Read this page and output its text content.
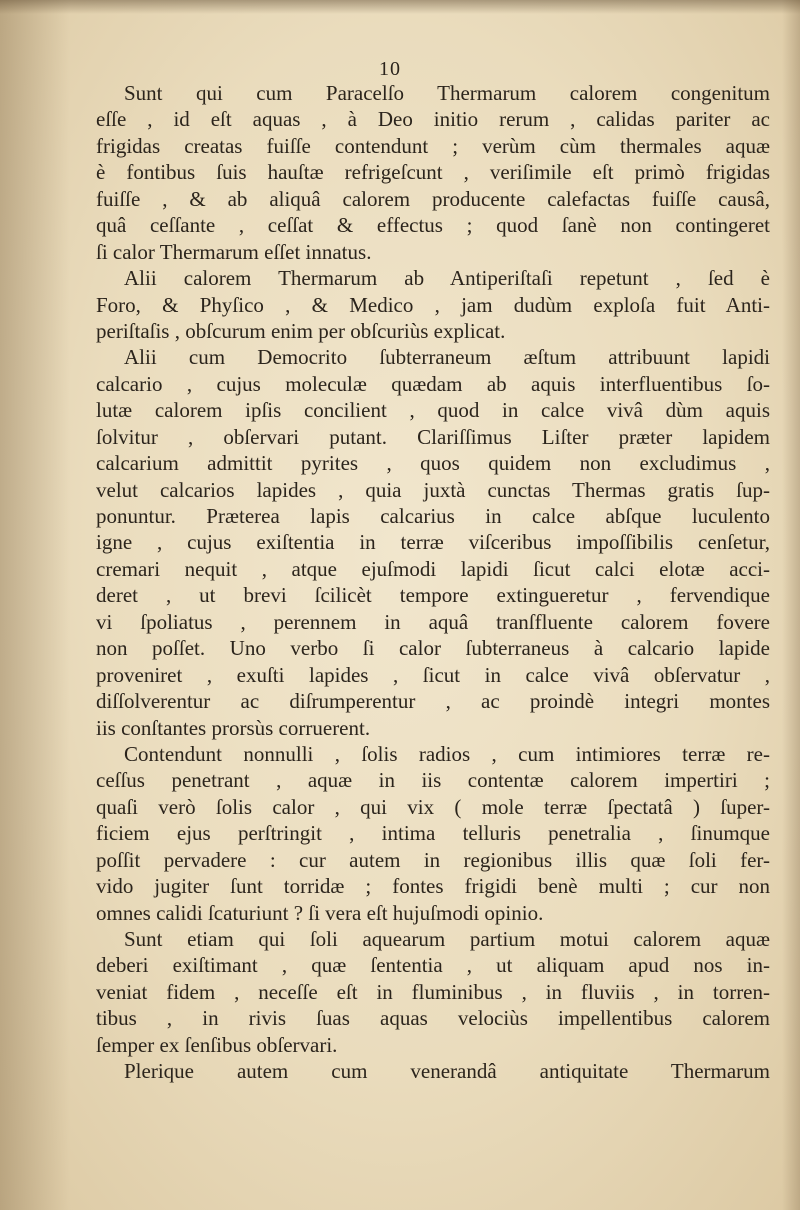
10
Sunt qui cum Paracelſo Thermarum calorem congenitum
eſſe , id eſt aquas , à Deo initio rerum , calidas pariter ac
frigidas creatas fuiſſe contendunt ; verùm cùm thermales aquæ
è fontibus ſuis hauſtæ refrigeſcunt , veriſimile eſt primò frigidas
fuiſſe , & ab aliquâ calorem producente calefactas fuiſſe causâ,
quâ ceſſante , ceſſat & effectus ; quod ſanè non contingeret
ſi calor Thermarum eſſet innatus.
Alii calorem Thermarum ab Antiperiſtaſi repetunt , ſed è
Foro, & Phyſico , & Medico , jam dudùm exploſa fuit Anti-
periſtaſis , obſcurum enim per obſcuriùs explicat.
Alii cum Democrito ſubterraneum æſtum attribuunt lapidi
calcario , cujus moleculæ quædam ab aquis interfluentibus ſo-
lutæ calorem ipſis concilient , quod in calce vivâ dùm aquis
ſolvitur , obſervari putant. Clariſſimus Liſter præter lapidem
calcarium admittit pyrites , quos quidem non excludimus ,
velut calcarios lapides , quia juxtà cunctas Thermas gratis ſup-
ponuntur. Præterea lapis calcarius in calce abſque luculento
igne , cujus exiſtentia in terræ viſceribus impoſſibilis cenſetur,
cremari nequit , atque ejuſmodi lapidi ſicut calci elotæ acci-
deret , ut brevi ſcilicèt tempore extingueretur , fervendique
vi ſpoliatus , perennem in aquâ tranſfluente calorem fovere
non poſſet. Uno verbo ſi calor ſubterraneus à calcario lapide
proveniret , exuſti lapides , ſicut in calce vivâ obſervatur ,
diſſolverentur ac diſrumperentur , ac proindè integri montes
iis conſtantes prorsùs corruerent.
Contendunt nonnulli , ſolis radios , cum intimiores terræ re-
ceſſus penetrant , aquæ in iis contentæ calorem impertiri ;
quaſi verò ſolis calor , qui vix ( mole terræ ſpectatâ ) ſuper-
ficiem ejus perſtringit , intima telluris penetralia , ſinumque
poſſit pervadere : cur autem in regionibus illis quæ ſoli fer-
vido jugiter ſunt torridæ ; fontes frigidi benè multi ; cur non
omnes calidi ſcaturiunt ? ſi vera eſt hujuſmodi opinio.
Sunt etiam qui ſoli aquearum partium motui calorem aquæ
deberi exiſtimant , quæ ſententia , ut aliquam apud nos in-
veniat fidem , neceſſe eſt in fluminibus , in fluviis , in torren-
tibus , in rivis ſuas aquas velociùs impellentibus calorem
ſemper ex ſenſibus obſervari.
Plerique autem cum venerandâ antiquitate Thermarum
